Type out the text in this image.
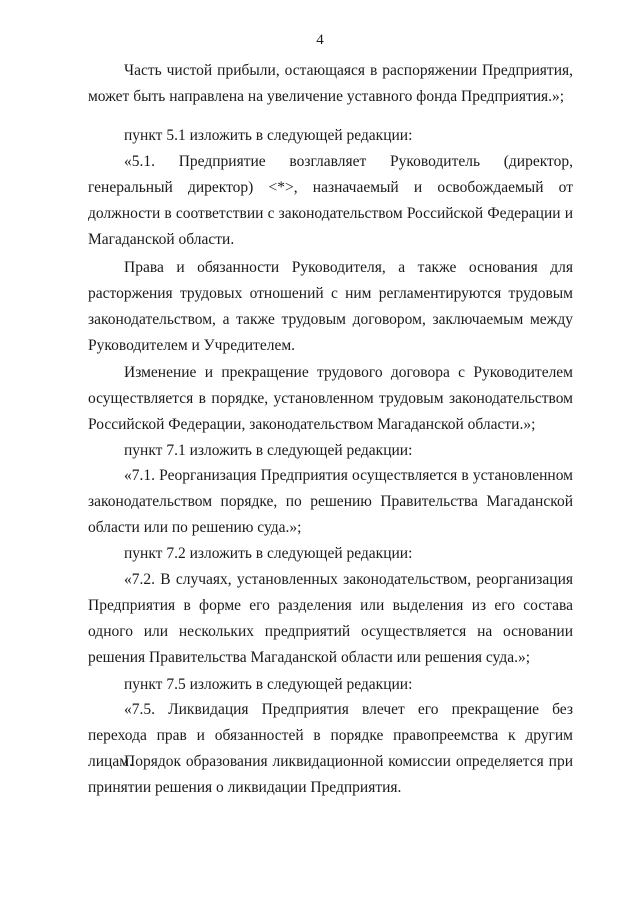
4

Часть чистой прибыли, остающаяся в распоряжении Предприятия, может быть направлена на увеличение уставного фонда Предприятия.»;

пункт 5.1 изложить в следующей редакции:

«5.1. Предприятие возглавляет Руководитель (директор, генеральный директор) <*>, назначаемый и освобождаемый от должности в соответствии с законодательством Российской Федерации и Магаданской области.

Права и обязанности Руководителя, а также основания для расторжения трудовых отношений с ним регламентируются трудовым законодательством, а также трудовым договором, заключаемым между Руководителем и Учредителем.

Изменение и прекращение трудового договора с Руководителем осуществляется в порядке, установленном трудовым законодательством Российской Федерации, законодательством Магаданской области.»;

пункт 7.1 изложить в следующей редакции:

«7.1. Реорганизация Предприятия осуществляется в установленном законодательством порядке, по решению Правительства Магаданской области или по решению суда.»;

пункт 7.2 изложить в следующей редакции:

«7.2. В случаях, установленных законодательством, реорганизация Предприятия в форме его разделения или выделения из его состава одного или нескольких предприятий осуществляется на основании решения Правительства Магаданской области или решения суда.»;

пункт 7.5 изложить в следующей редакции:

«7.5. Ликвидация Предприятия влечет его прекращение без перехода прав и обязанностей в порядке правопреемства к другим лицам.

Порядок образования ликвидационной комиссии определяется при принятии решения о ликвидации Предприятия.
